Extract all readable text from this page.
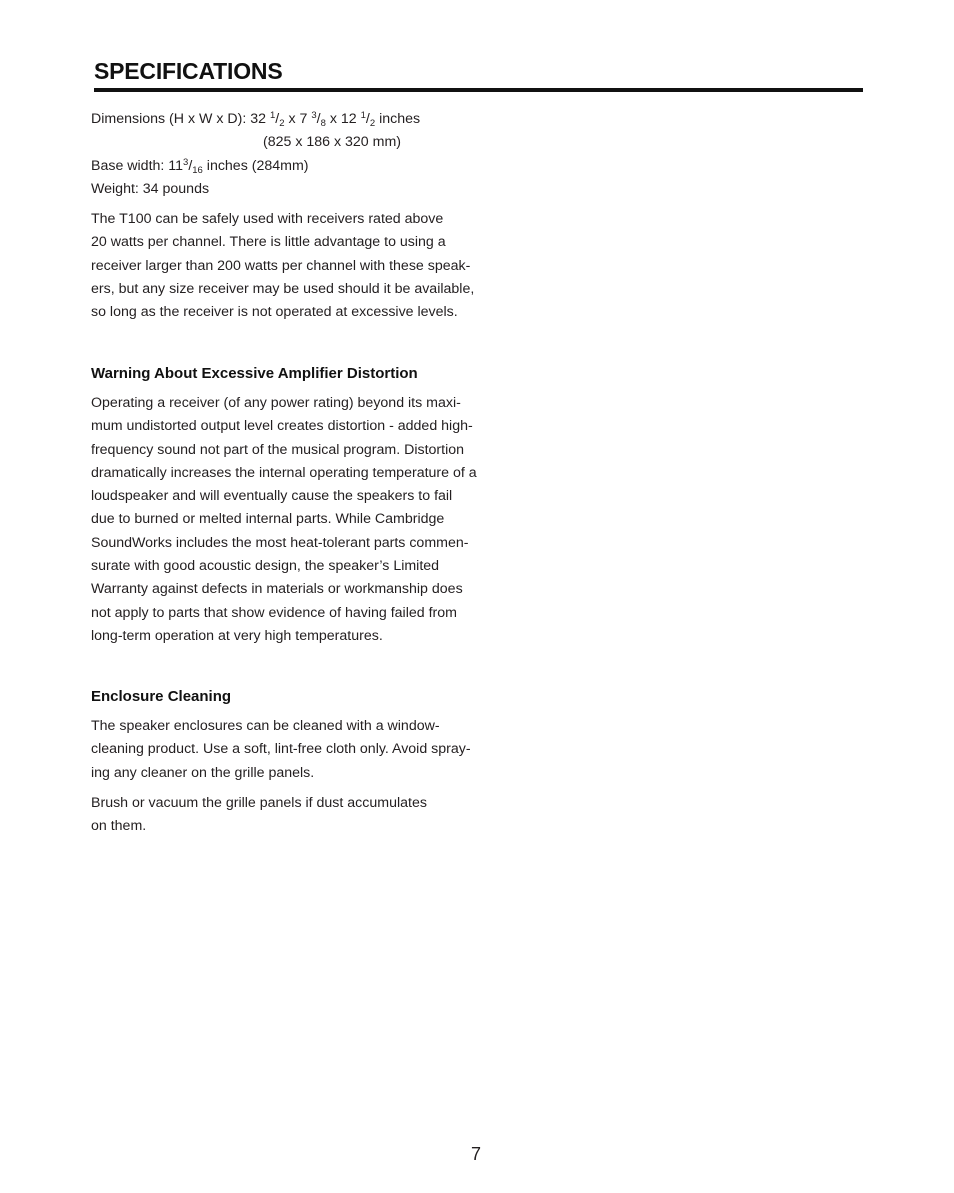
SPECIFICATIONS
Dimensions (H x W x D): 32 $^1/_2$ x 7 $^3/_8$ x 12 $^1/_2$ inches
(825 x 186 x 320 mm)
Base width: $11^3/_{16}$ inches (284mm)
Weight: 34 pounds
The T100 can be safely used with receivers rated above
20 watts per channel. There is little advantage to using a
receiver larger than 200 watts per channel with these speak-
ers, but any size receiver may be used should it be available,
so long as the receiver is not operated at excessive levels.
Warning About Excessive Amplifier Distortion
Operating a receiver (of any power rating) beyond its maxi-
mum undistorted output level creates distortion - added high-
frequency sound not part of the musical program. Distortion
dramatically increases the internal operating temperature of a
loudspeaker and will eventually cause the speakers to fail
due to burned or melted internal parts. While Cambridge
SoundWorks includes the most heat-tolerant parts commen-
surate with good acoustic design, the speaker’s Limited
Warranty against defects in materials or workmanship does
not apply to parts that show evidence of having failed from
long-term operation at very high temperatures.
Enclosure Cleaning
The speaker enclosures can be cleaned with a window-
cleaning product. Use a soft, lint-free cloth only. Avoid spray-
ing any cleaner on the grille panels.
Brush or vacuum the grille panels if dust accumulates
on them.
7
